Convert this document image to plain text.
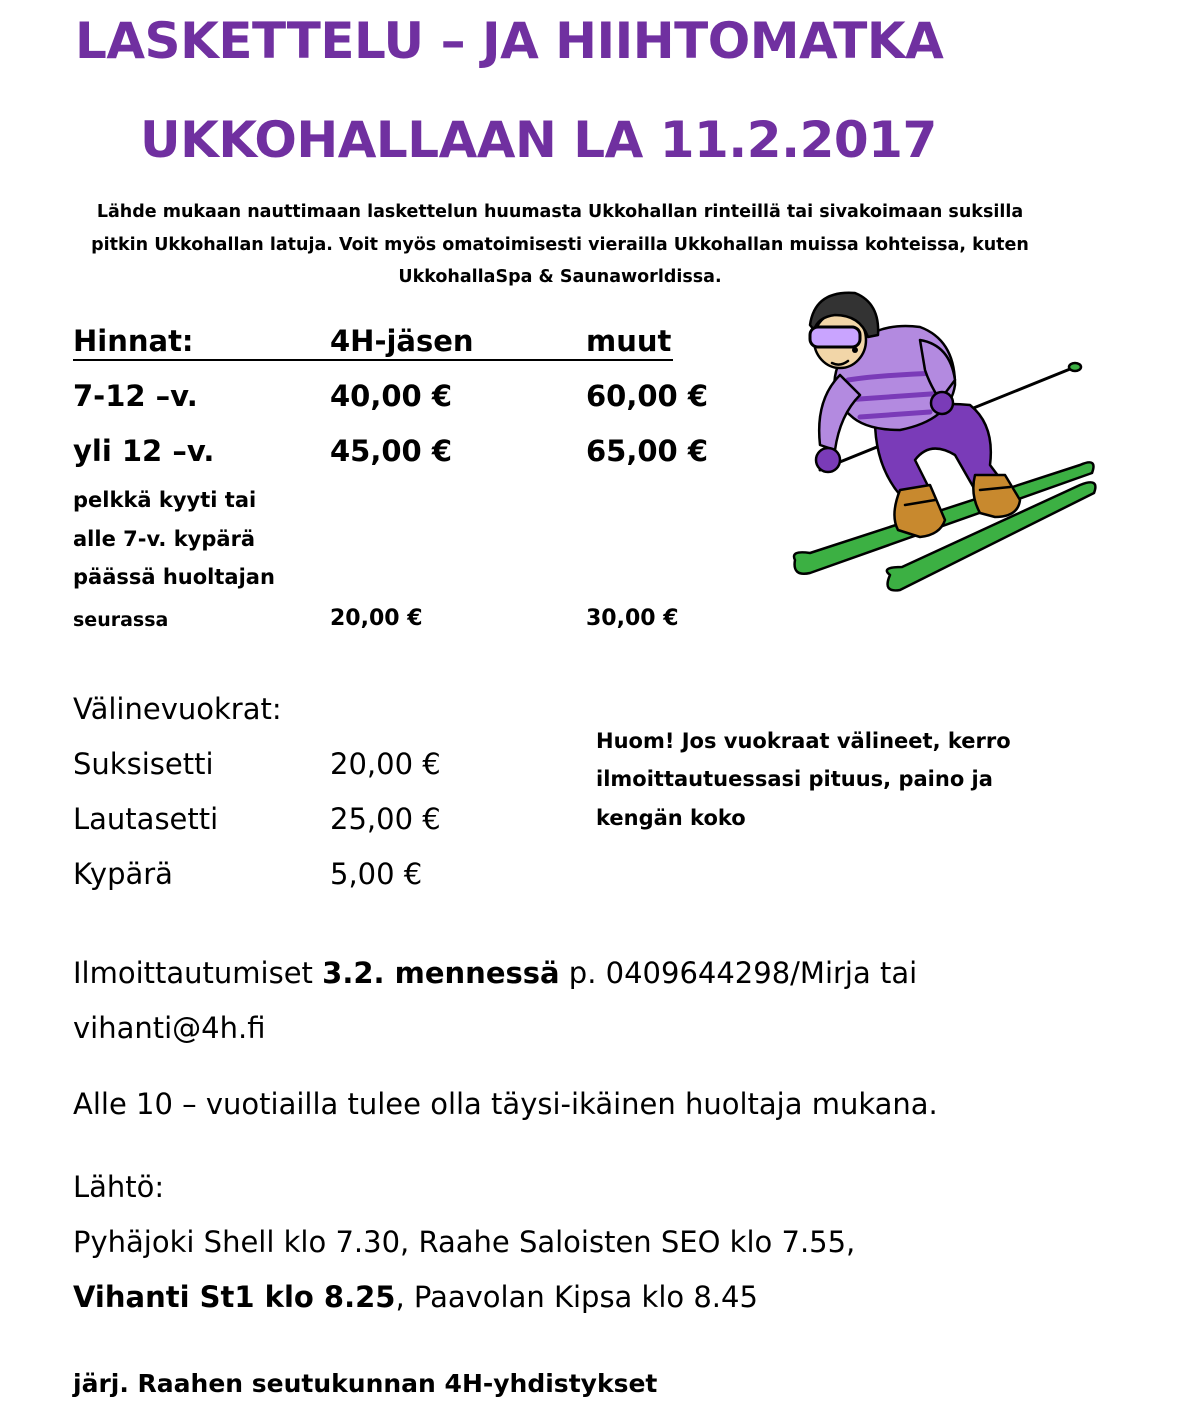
LASKETTELU – JA HIIHTOMATKA
UKKOHALLAAN LA 11.2.2017
Lähde mukaan nauttimaan laskettelun huumasta Ukkohallan rinteillä tai sivakoimaan suksilla
pitkin Ukkohallan latuja. Voit myös omatoimisesti vierailla Ukkohallan muissa kohteissa, kuten
UkkohallaSpa & Saunaworldissa.
Hinnat:	4H-jäsen	muut
7-12 –v.	40,00 €	60,00 €
yli 12 –v.	45,00 €	65,00 €
pelkkä kyyti tai
alle 7-v. kypärä
päässä huoltajan
seurassa	20,00 €	30,00 €
Välinevuokrat:
Suksisetti	20,00 €
Lautasetti	25,00 €
Kypärä	5,00 €
Huom! Jos vuokraat välineet, kerro
ilmoittautuessasi pituus, paino ja
kengän koko
Ilmoittautumiset 3.2. mennessä p. 0409644298/Mirja tai
vihanti@4h.fi
Alle 10 – vuotiailla tulee olla täysi-ikäinen huoltaja mukana.
Lähtö:
Pyhäjoki Shell klo 7.30, Raahe Saloisten SEO klo 7.55,
Vihanti St1 klo 8.25, Paavolan Kipsa klo 8.45
järj. Raahen seutukunnan 4H-yhdistykset
